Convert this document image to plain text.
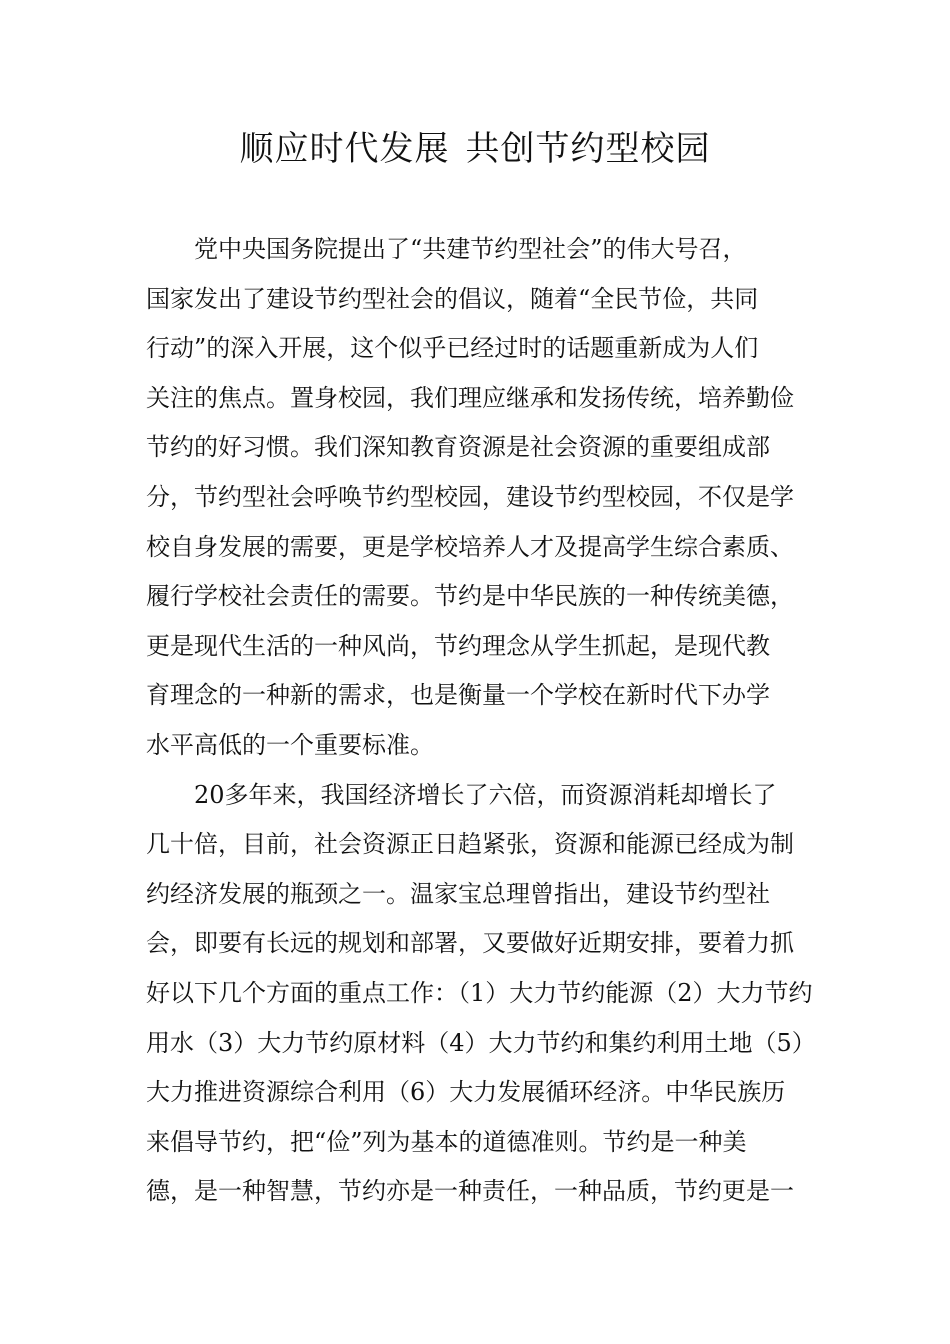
顺应时代发展 共创节约型校园
党中央国务院提出了“共建节约型社会”的伟大号召，
国家发出了建设节约型社会的倡议，随着“全民节俭，共同
行动”的深入开展，这个似乎已经过时的话题重新成为人们
关注的焦点。置身校园，我们理应继承和发扬传统，培养勤俭
节约的好习惯。我们深知教育资源是社会资源的重要组成部
分，节约型社会呼唤节约型校园，建设节约型校园，不仅是学
校自身发展的需要，更是学校培养人才及提高学生综合素质、
履行学校社会责任的需要。节约是中华民族的一种传统美德，
更是现代生活的一种风尚，节约理念从学生抓起，是现代教
育理念的一种新的需求，也是衡量一个学校在新时代下办学
水平高低的一个重要标准。
20多年来，我国经济增长了六倍，而资源消耗却增长了
几十倍，目前，社会资源正日趋紧张，资源和能源已经成为制
约经济发展的瓶颈之一。温家宝总理曾指出，建设节约型社
会，即要有长远的规划和部署，又要做好近期安排，要着力抓
好以下几个方面的重点工作：（1）大力节约能源（2）大力节约
用水（3）大力节约原材料（4）大力节约和集约利用土地（5）
大力推进资源综合利用（6）大力发展循环经济。中华民族历
来倡导节约，把“俭”列为基本的道德准则。节约是一种美
德，是一种智慧，节约亦是一种责任，一种品质，节约更是一
